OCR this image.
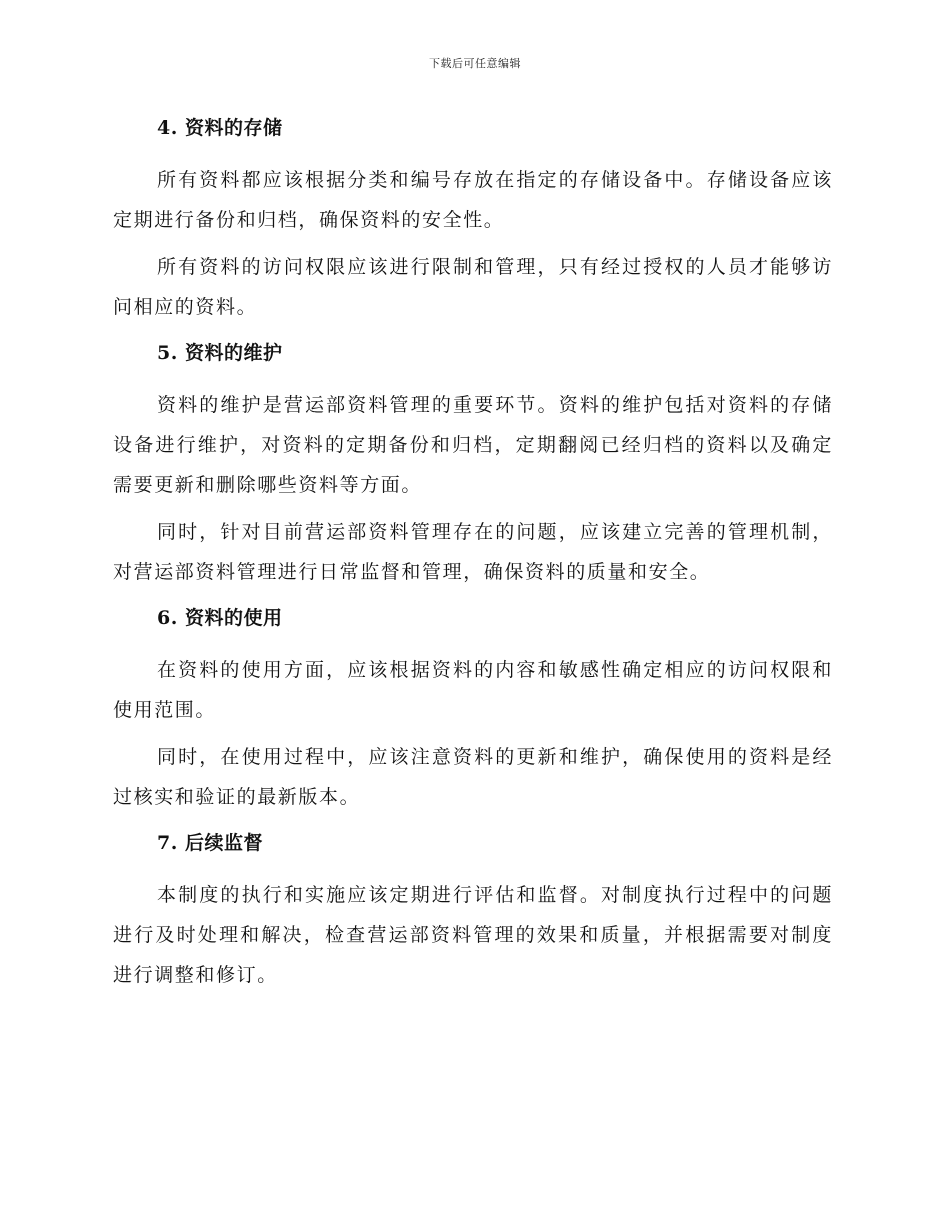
下载后可任意编辑
4. 资料的存储

所有资料都应该根据分类和编号存放在指定的存储设备中。存储设备应该定期进行备份和归档，确保资料的安全性。

所有资料的访问权限应该进行限制和管理，只有经过授权的人员才能够访问相应的资料。

5. 资料的维护

资料的维护是营运部资料管理的重要环节。资料的维护包括对资料的存储设备进行维护，对资料的定期备份和归档，定期翻阅已经归档的资料以及确定需要更新和删除哪些资料等方面。

同时，针对目前营运部资料管理存在的问题，应该建立完善的管理机制，对营运部资料管理进行日常监督和管理，确保资料的质量和安全。

6. 资料的使用

在资料的使用方面，应该根据资料的内容和敏感性确定相应的访问权限和使用范围。

同时，在使用过程中，应该注意资料的更新和维护，确保使用的资料是经过核实和验证的最新版本。

7. 后续监督

本制度的执行和实施应该定期进行评估和监督。对制度执行过程中的问题进行及时处理和解决，检查营运部资料管理的效果和质量，并根据需要对制度进行调整和修订。
